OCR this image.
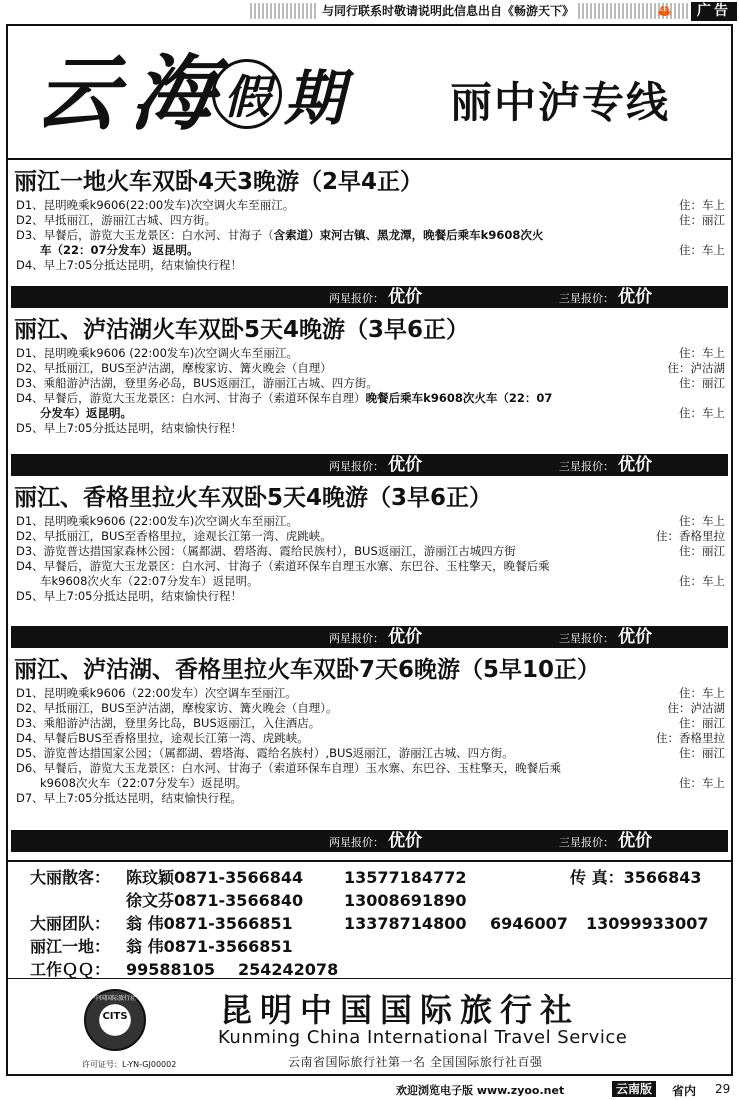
与同行联系时敬请说明此信息出自《畅游天下》	🦀	广告
云 海 假 期	丽中泸专线
丽江一地火车双卧4天3晚游（2早4正）
D1、昆明晚乘k9606(22:00发车)次空调火车至丽江。	住：车上
D2、早抵丽江，游丽江古城、四方街。	住：丽江
D3、早餐后，游览大玉龙景区：白水河、甘海子（含索道）束河古镇、黑龙潭，晚餐后乘车k9608次火
车（22：07分发车）返昆明。	住：车上
D4、早上7:05分抵达昆明，结束愉快行程！
两星报价： 优价	三星报价： 优价
丽江、泸沽湖火车双卧5天4晚游（3早6正）
D1、昆明晚乘k9606 (22:00发车)次空调火车至丽江。	住：车上
D2、早抵丽江，BUS至泸沽湖，摩梭家访、篝火晚会（自理）	住：泸沽湖
D3、乘船游泸沽湖，登里务必岛，BUS返丽江，游丽江古城、四方街。	住：丽江
D4、早餐后，游览大玉龙景区：白水河、甘海子（索道环保车自理）晚餐后乘车k9608次火车（22：07
分发车）返昆明。	住：车上
D5、早上7:05分抵达昆明，结束愉快行程！
两星报价： 优价	三星报价： 优价
丽江、香格里拉火车双卧5天4晚游（3早6正）
D1、昆明晚乘k9606 (22:00发车)次空调火车至丽江。	住：车上
D2、早抵丽江，BUS至香格里拉，途观长江第一湾、虎跳峡。	住：香格里拉
D3、游览普达措国家森林公园：（属都湖、碧塔海、霞给民族村），BUS返丽江，游丽江古城四方街	住：丽江
D4、早餐后，游览大玉龙景区：白水河、甘海子（索道环保车自理玉水寨、东巴谷、玉柱擎天，晚餐后乘
车k9608次火车（22:07分发车）返昆明。	住：车上
D5、早上7:05分抵达昆明，结束愉快行程！
两星报价： 优价	三星报价： 优价
丽江、泸沽湖、香格里拉火车双卧7天6晚游（5早10正）
D1、昆明晚乘k9606（22:00发车）次空调车至丽江。	住：车上
D2、早抵丽江，BUS至泸沽湖，摩梭家访、篝火晚会（自理）。	住：泸沽湖
D3、乘船游泸沽湖，登里务比岛，BUS返丽江，入住酒店。	住：丽江
D4、早餐后BUS至香格里拉，途观长江第一湾、虎跳峡。	住：香格里拉
D5、游览普达措国家公园；（属都湖、碧塔海、霞给名族村）,BUS返丽江，游丽江古城、四方街。	住：丽江
D6、早餐后，游览大玉龙景区：白水河、甘海子（索道环保车自理）玉水寨、东巴谷、玉柱擎天，晚餐后乘
k9608次火车（22:07分发车）返昆明。	住：车上
D7、早上7:05分抵达昆明，结束愉快行程。
两星报价： 优价	三星报价： 优价
大丽散客： 陈玟颖0871-3566844	13577184772	传 真：3566843
徐文芬0871-3566840	13008691890
大丽团队： 翁 伟0871-3566851	13378714800 6946007 13099933007
丽江一地： 翁 伟0871-3566851
工作ＱＱ： 99588105 254242078
中国国际旅行社
CITS	昆明中国国际旅行社
Kunming China International Travel Service
云南省国际旅行社第一名 全国国际旅行社百强
许可证号：L-YN-GJ00002
欢迎浏览电子版 www.zyoo.net	云南版	省内 29
